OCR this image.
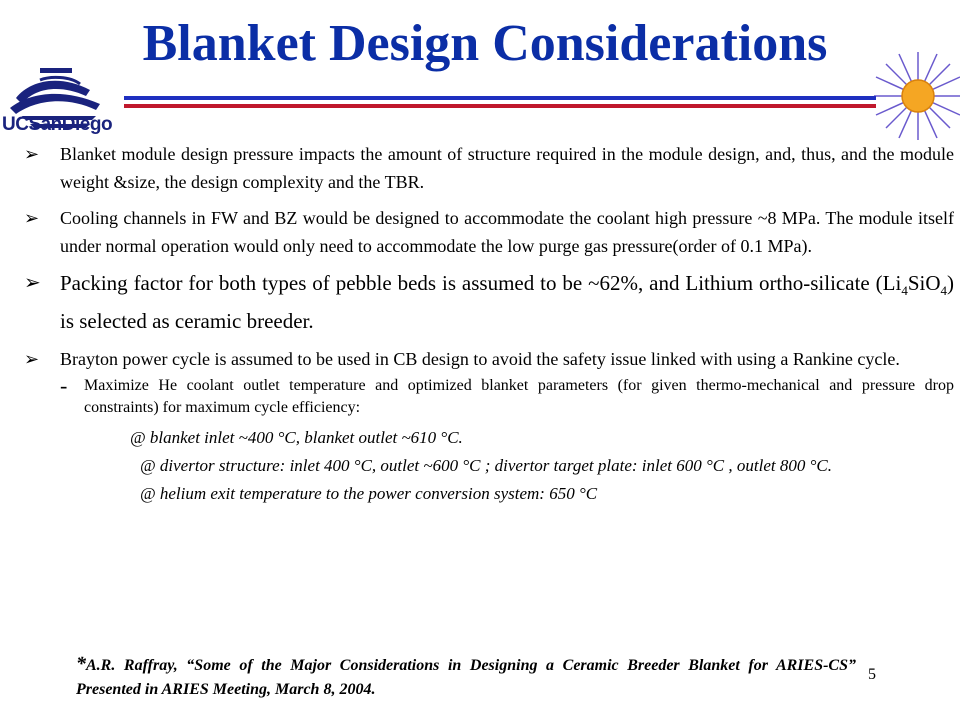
UCSanDiego
Blanket Design Considerations
➢ Blanket module design pressure impacts the amount of structure required in the module design, and, thus, and the module weight &size, the design complexity and the TBR.
➢ Cooling channels in FW and BZ would be designed to accommodate the coolant high pressure ~8 MPa. The module itself under normal operation would only need to accommodate the low purge gas pressure(order of 0.1 MPa).
➢ Packing factor for both types of pebble beds is assumed to be ~62%, and Lithium ortho-silicate $(Li_4SiO_4)$ is selected as ceramic breeder.
➢ Brayton power cycle is assumed to be used in CB design to avoid the safety issue linked with using a Rankine cycle.
- Maximize He coolant outlet temperature and optimized blanket parameters (for given thermo-mechanical and pressure drop constraints) for maximum cycle efficiency:
@ blanket inlet ~400 °C, blanket outlet ~610 °C.
@ divertor structure: inlet 400 °C, outlet ~600 °C ; divertor target plate: inlet 600 °C , outlet 800 °C.
@ helium exit temperature to the power conversion system: 650 °C
*A.R. Raffray, “Some of the Major Considerations in Designing a Ceramic Breeder Blanket for ARIES-CS” Presented in ARIES Meeting, March 8, 2004.
5
